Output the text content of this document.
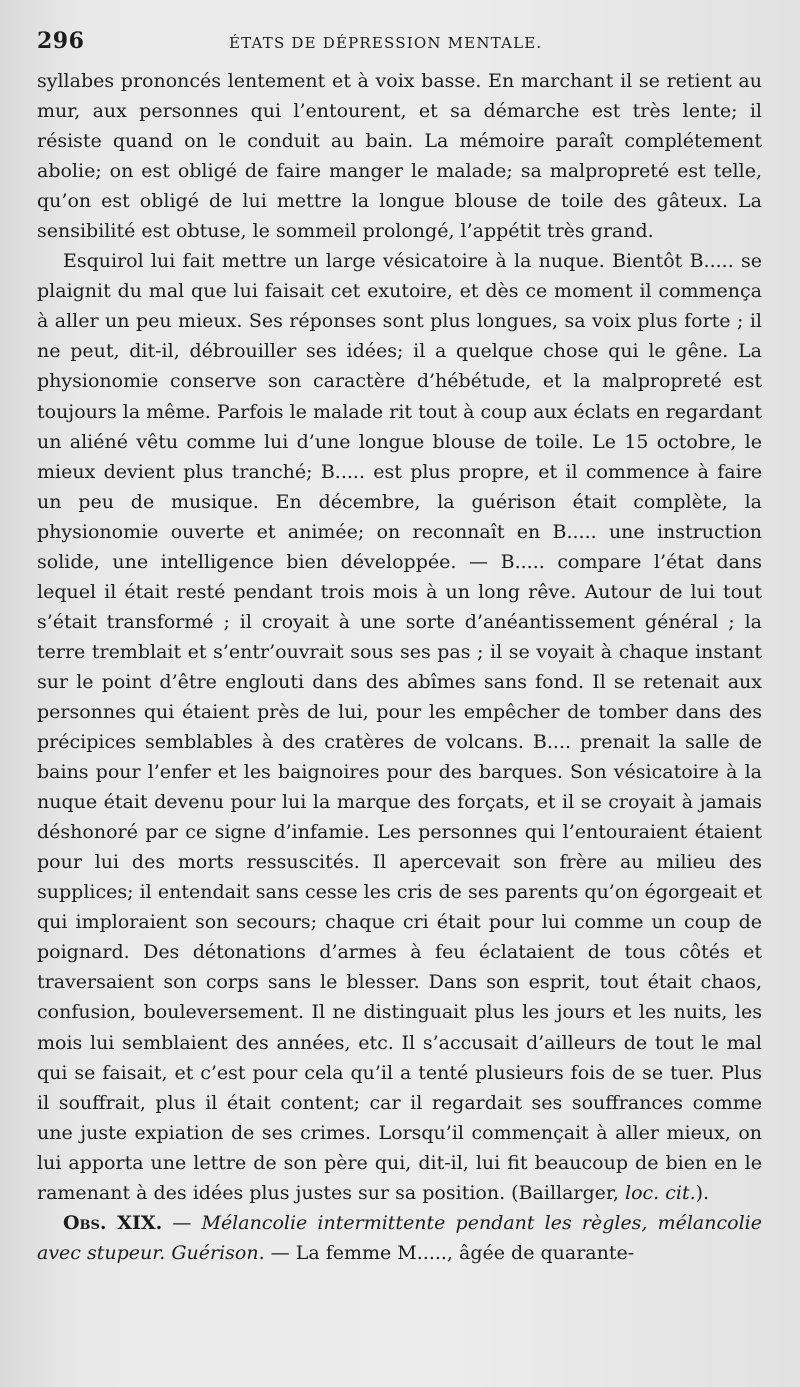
296	ÉTATS DE DÉPRESSION MENTALE.

syllabes prononcés lentement et à voix basse. En marchant il se retient au mur, aux personnes qui l’entourent, et sa démarche est très lente; il résiste quand on le conduit au bain. La mémoire paraît complétement abolie; on est obligé de faire manger le malade; sa malpropreté est telle, qu’on est obligé de lui mettre la longue blouse de toile des gâteux. La sensibilité est obtuse, le sommeil prolongé, l’appétit très grand.

Esquirol lui fait mettre un large vésicatoire à la nuque. Bientôt B..... se plaignit du mal que lui faisait cet exutoire, et dès ce moment il commença à aller un peu mieux. Ses réponses sont plus longues, sa voix plus forte ; il ne peut, dit-il, débrouiller ses idées; il a quelque chose qui le gêne. La physionomie conserve son caractère d’hébétude, et la malpropreté est toujours la même. Parfois le malade rit tout à coup aux éclats en regardant un aliéné vêtu comme lui d’une longue blouse de toile. Le 15 octobre, le mieux devient plus tranché; B..... est plus propre, et il commence à faire un peu de musique. En décembre, la guérison était complète, la physionomie ouverte et animée; on reconnaît en B..... une instruction solide, une intelligence bien développée. — B..... compare l’état dans lequel il était resté pendant trois mois à un long rêve. Autour de lui tout s’était transformé ; il croyait à une sorte d’anéantissement général ; la terre tremblait et s’entr’ouvrait sous ses pas ; il se voyait à chaque instant sur le point d’être englouti dans des abîmes sans fond. Il se retenait aux personnes qui étaient près de lui, pour les empêcher de tomber dans des précipices semblables à des cratères de volcans. B.... prenait la salle de bains pour l’enfer et les baignoires pour des barques. Son vésicatoire à la nuque était devenu pour lui la marque des forçats, et il se croyait à jamais déshonoré par ce signe d’infamie. Les personnes qui l’entouraient étaient pour lui des morts ressuscités. Il apercevait son frère au milieu des supplices; il entendait sans cesse les cris de ses parents qu’on égorgeait et qui imploraient son secours; chaque cri était pour lui comme un coup de poignard. Des détonations d’armes à feu éclataient de tous côtés et traversaient son corps sans le blesser. Dans son esprit, tout était chaos, confusion, bouleversement. Il ne distinguait plus les jours et les nuits, les mois lui semblaient des années, etc. Il s’accusait d’ailleurs de tout le mal qui se faisait, et c’est pour cela qu’il a tenté plusieurs fois de se tuer. Plus il souffrait, plus il était content; car il regardait ses souffrances comme une juste expiation de ses crimes. Lorsqu’il commençait à aller mieux, on lui apporta une lettre de son père qui, dit-il, lui fit beaucoup de bien en le ramenant à des idées plus justes sur sa position. (Baillarger, loc. cit.).

Obs. XIX. — Mélancolie intermittente pendant les règles, mélancolie avec stupeur. Guérison. — La femme M....., âgée de quarante-
